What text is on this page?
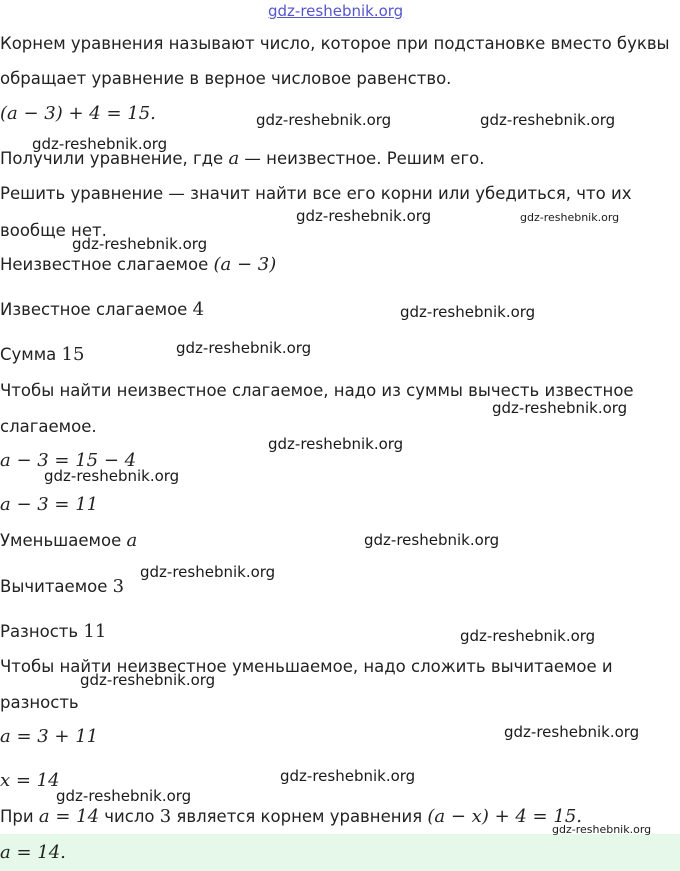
gdz-reshebnik.org
Корнем уравнения называют число, которое при подстановке вместо буквы
обращает уравнение в верное числовое равенство.
(a − 3) + 4 = 15.
Получили уравнение, где a — неизвестное. Решим его.
Решить уравнение — значит найти все его корни или убедиться, что их
вообще нет.
Неизвестное слагаемое (a − 3)
Известное слагаемое 4
Сумма 15
Чтобы найти неизвестное слагаемое, надо из суммы вычесть известное
слагаемое.
a − 3 = 15 − 4
a − 3 = 11
Уменьшаемое a
Вычитаемое 3
Разность 11
Чтобы найти неизвестное уменьшаемое, надо сложить вычитаемое и
разность
a = 3 + 11
x = 14
При a = 14 число 3 является корнем уравнения (a − x) + 4 = 15.
a = 14.
gdz-reshebnik.org	gdz-reshebnik.org
gdz-reshebnik.org
gdz-reshebnik.org	gdz-reshebnik.org
gdz-reshebnik.org
gdz-reshebnik.org
gdz-reshebnik.org
gdz-reshebnik.org
gdz-reshebnik.org
gdz-reshebnik.org
gdz-reshebnik.org
gdz-reshebnik.org
gdz-reshebnik.org
gdz-reshebnik.org
gdz-reshebnik.org
gdz-reshebnik.org
gdz-reshebnik.org
gdz-reshebnik.org
